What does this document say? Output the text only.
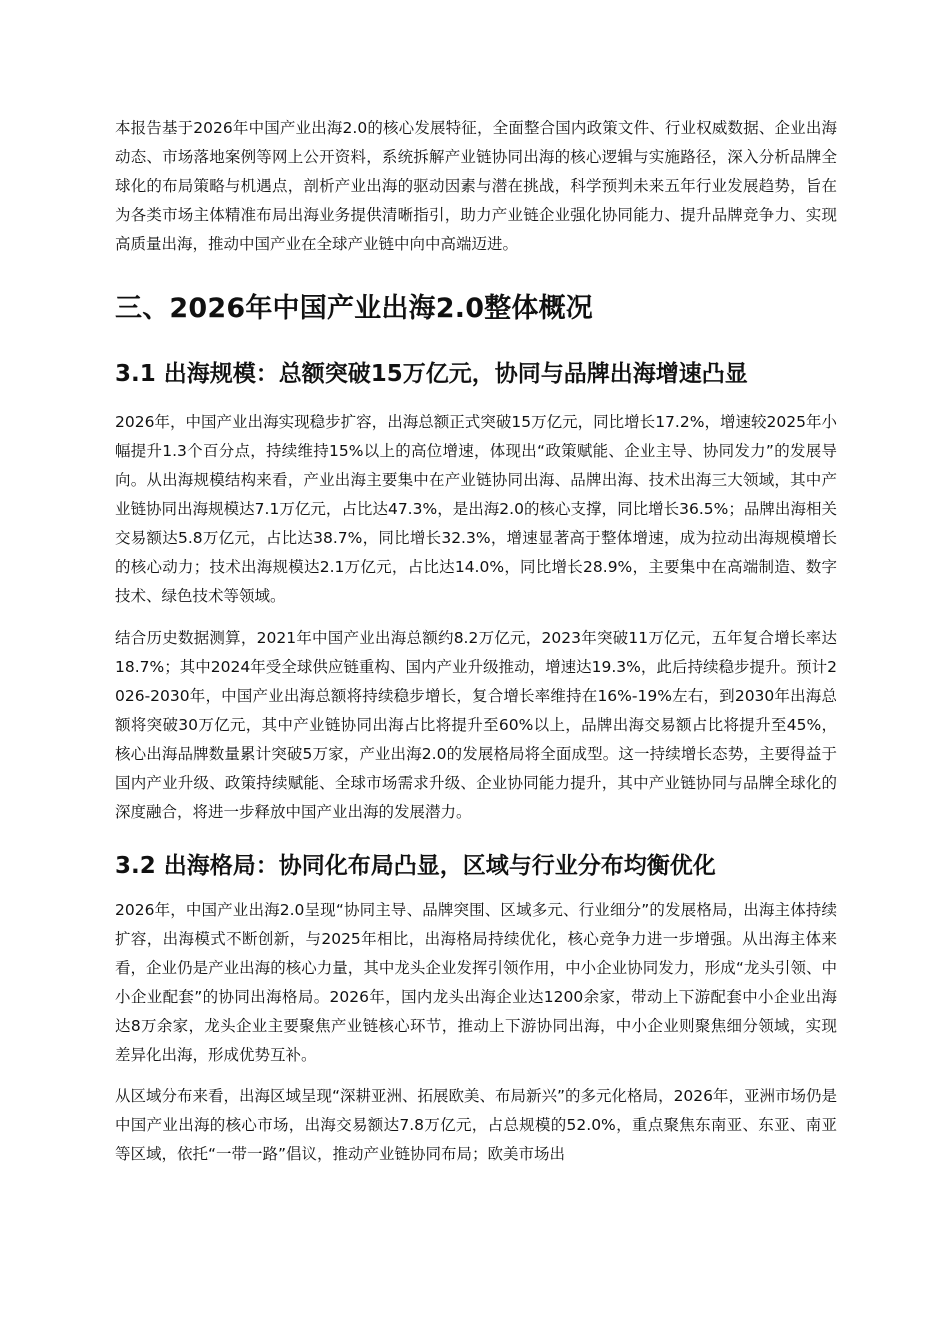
本报告基于2026年中国产业出海2.0的核心发展特征，全面整合国内政策文件、行业权威数据、企业出海动态、市场落地案例等网上公开资料，系统拆解产业链协同出海的核心逻辑与实施路径，深入分析品牌全球化的布局策略与机遇点，剖析产业出海的驱动因素与潜在挑战，科学预判未来五年行业发展趋势，旨在为各类市场主体精准布局出海业务提供清晰指引，助力产业链企业强化协同能力、提升品牌竞争力、实现高质量出海，推动中国产业在全球产业链中向中高端迈进。

三、2026年中国产业出海2.0整体概况
3.1 出海规模：总额突破15万亿元，协同与品牌出海增速凸显

2026年，中国产业出海实现稳步扩容，出海总额正式突破15万亿元，同比增长17.2%，增速较2025年小幅提升1.3个百分点，持续维持15%以上的高位增速，体现出“政策赋能、企业主导、协同发力”的发展导向。从出海规模结构来看，产业出海主要集中在产业链协同出海、品牌出海、技术出海三大领域，其中产业链协同出海规模达7.1万亿元，占比达47.3%，是出海2.0的核心支撑，同比增长36.5%；品牌出海相关交易额达5.8万亿元，占比达38.7%，同比增长32.3%，增速显著高于整体增速，成为拉动出海规模增长的核心动力；技术出海规模达2.1万亿元，占比达14.0%，同比增长28.9%，主要集中在高端制造、数字技术、绿色技术等领域。

结合历史数据测算，2021年中国产业出海总额约8.2万亿元，2023年突破11万亿元，五年复合增长率达18.7%；其中2024年受全球供应链重构、国内产业升级推动，增速达19.3%，此后持续稳步提升。预计2026-2030年，中国产业出海总额将持续稳步增长，复合增长率维持在16%-19%左右，到2030年出海总额将突破30万亿元，其中产业链协同出海占比将提升至60%以上，品牌出海交易额占比将提升至45%，核心出海品牌数量累计突破5万家，产业出海2.0的发展格局将全面成型。这一持续增长态势，主要得益于国内产业升级、政策持续赋能、全球市场需求升级、企业协同能力提升，其中产业链协同与品牌全球化的深度融合，将进一步释放中国产业出海的发展潜力。

3.2 出海格局：协同化布局凸显，区域与行业分布均衡优化

2026年，中国产业出海2.0呈现“协同主导、品牌突围、区域多元、行业细分”的发展格局，出海主体持续扩容，出海模式不断创新，与2025年相比，出海格局持续优化，核心竞争力进一步增强。从出海主体来看，企业仍是产业出海的核心力量，其中龙头企业发挥引领作用，中小企业协同发力，形成“龙头引领、中小企业配套”的协同出海格局。2026年，国内龙头出海企业达1200余家，带动上下游配套中小企业出海达8万余家，龙头企业主要聚焦产业链核心环节，推动上下游协同出海，中小企业则聚焦细分领域，实现差异化出海，形成优势互补。

从区域分布来看，出海区域呈现“深耕亚洲、拓展欧美、布局新兴”的多元化格局，2026年，亚洲市场仍是中国产业出海的核心市场，出海交易额达7.8万亿元，占总规模的52.0%，重点聚焦东南亚、东亚、南亚等区域，依托“一带一路”倡议，推动产业链协同布局；欧美市场出
